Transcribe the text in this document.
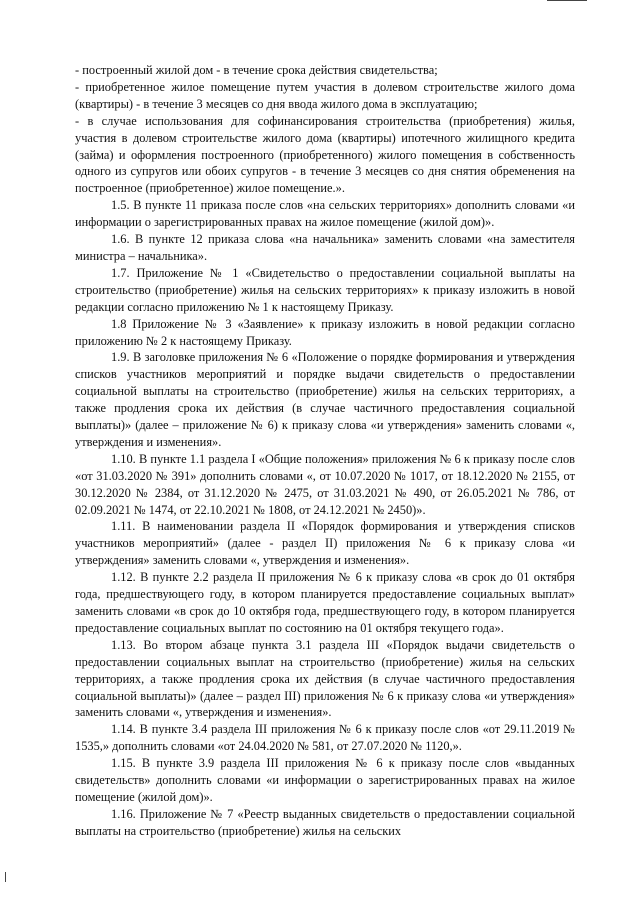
- построенный жилой дом - в течение срока действия свидетельства;

- приобретенное жилое помещение путем участия в долевом строительстве жилого дома (квартиры) - в течение 3 месяцев со дня ввода жилого дома в эксплуатацию;

- в случае использования для софинансирования строительства (приобретения) жилья, участия в долевом строительстве жилого дома (квартиры) ипотечного жилищного кредита (займа) и оформления построенного (приобретенного) жилого помещения в собственность одного из супругов или обоих супругов - в течение 3 месяцев со дня снятия обременения на построенное (приобретенное) жилое помещение.».

1.5. В пункте 11 приказа после слов «на сельских территориях» дополнить словами «и информации о зарегистрированных правах на жилое помещение (жилой дом)».

1.6. В пункте 12 приказа слова «на начальника» заменить словами «на заместителя министра – начальника».

1.7. Приложение № 1 «Свидетельство о предоставлении социальной выплаты на строительство (приобретение) жилья на сельских территориях» к приказу изложить в новой редакции согласно приложению № 1 к настоящему Приказу.

1.8 Приложение № 3 «Заявление» к приказу изложить в новой редакции согласно приложению № 2 к настоящему Приказу.

1.9. В заголовке приложения № 6 «Положение о порядке формирования и утверждения списков участников мероприятий и порядке выдачи свидетельств о предоставлении социальной выплаты на строительство (приобретение) жилья на сельских территориях, а также продления срока их действия (в случае частичного предоставления социальной выплаты)» (далее – приложение № 6) к приказу слова «и утверждения» заменить словами «, утверждения и изменения».

1.10. В пункте 1.1 раздела I «Общие положения» приложения № 6 к приказу после слов «от 31.03.2020 № 391» дополнить словами «, от 10.07.2020 № 1017, от 18.12.2020 № 2155, от 30.12.2020 № 2384, от 31.12.2020 № 2475, от 31.03.2021 № 490, от 26.05.2021 № 786, от 02.09.2021 № 1474, от 22.10.2021 № 1808, от 24.12.2021 № 2450)».

1.11. В наименовании раздела II «Порядок формирования и утверждения списков участников мероприятий» (далее - раздел II) приложения № 6 к приказу слова «и утверждения» заменить словами «, утверждения и изменения».

1.12. В пункте 2.2 раздела II приложения № 6 к приказу слова «в срок до 01 октября года, предшествующего году, в котором планируется предоставление социальных выплат» заменить словами «в срок до 10 октября года, предшествующего году, в котором планируется предоставление социальных выплат по состоянию на 01 октября текущего года».

1.13. Во втором абзаце пункта 3.1 раздела III «Порядок выдачи свидетельств о предоставлении социальных выплат на строительство (приобретение) жилья на сельских территориях, а также продления срока их действия (в случае частичного предоставления социальной выплаты)» (далее – раздел III) приложения № 6 к приказу слова «и утверждения» заменить словами «, утверждения и изменения».

1.14. В пункте 3.4 раздела III приложения № 6 к приказу после слов «от 29.11.2019 № 1535,» дополнить словами «от 24.04.2020 № 581, от 27.07.2020 № 1120,».

1.15. В пункте 3.9 раздела III приложения № 6 к приказу после слов «выданных свидетельств» дополнить словами «и информации о зарегистрированных правах на жилое помещение (жилой дом)».

1.16. Приложение № 7 «Реестр выданных свидетельств о предоставлении социальной выплаты на строительство (приобретение) жилья на сельских
